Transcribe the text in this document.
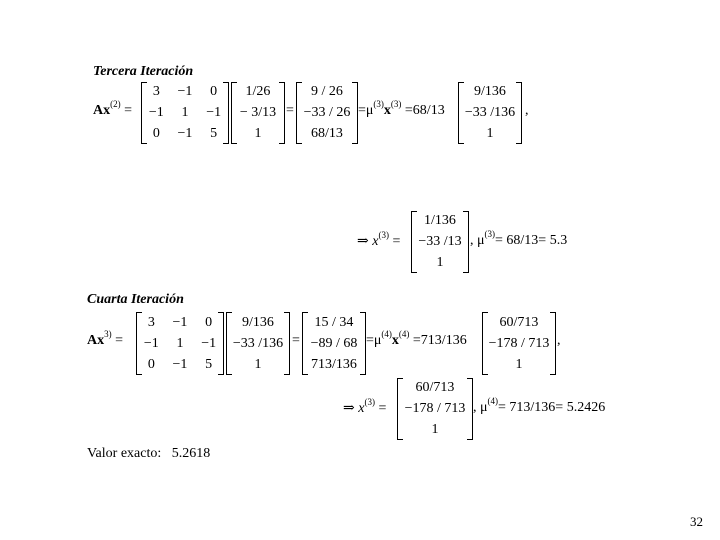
Tercera Iteración
$Ax^{(2)}$ =
3	−1	0
−1	1	−1
0	−1	5
1/26
− 3/13
1
=
9 / 26
−33 / 26
68/13
$=\mu^{(3)}x^{(3)} =68/13$
9/136
−33 /136
1
,
⇒ $x^{(3)}$ =
1/136
−33 /13
1
, $\mu^{(3)}= 68/13= 5.3$
Cuarta Iteración
$Ax^{3)}$ =
3	−1	0
−1	1	−1
0	−1	5
9/136
−33 /136
1
=
15 / 34
−89 / 68
713/136
$=\mu^{(4)}x^{(4)} =713/136$
60/713
−178 / 713
1
,
⇒ $x^{(3)}$ =
60/713
−178 / 713
1
, $\mu^{(4)}= 713/136= 5.2426$
Valor exacto: 5.2618
32
